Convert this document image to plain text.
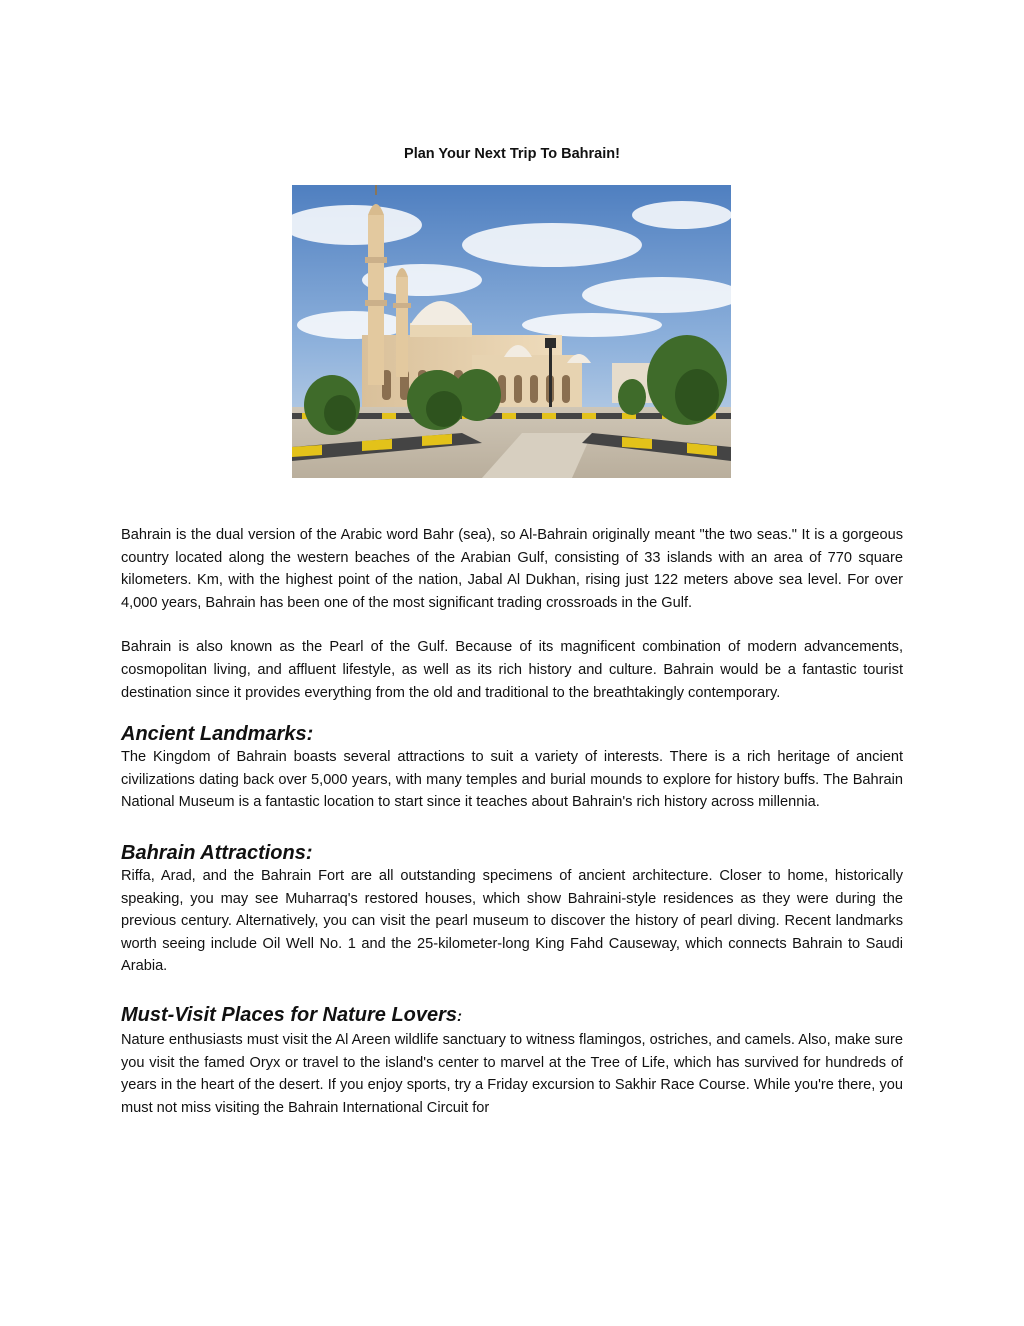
Plan Your Next Trip To Bahrain!

Bahrain is the dual version of the Arabic word Bahr (sea), so Al-Bahrain originally meant "the two seas." It is a gorgeous country located along the western beaches of the Arabian Gulf, consisting of 33 islands with an area of 770 square kilometers. Km, with the highest point of the nation, Jabal Al Dukhan, rising just 122 meters above sea level. For over 4,000 years, Bahrain has been one of the most significant trading crossroads in the Gulf.

Bahrain is also known as the Pearl of the Gulf. Because of its magnificent combination of modern advancements, cosmopolitan living, and affluent lifestyle, as well as its rich history and culture. Bahrain would be a fantastic tourist destination since it provides everything from the old and traditional to the breathtakingly contemporary.

Ancient Landmarks:

The Kingdom of Bahrain boasts several attractions to suit a variety of interests. There is a rich heritage of ancient civilizations dating back over 5,000 years, with many temples and burial mounds to explore for history buffs. The Bahrain National Museum is a fantastic location to start since it teaches about Bahrain's rich history across millennia.

Bahrain Attractions:

Riffa, Arad, and the Bahrain Fort are all outstanding specimens of ancient architecture. Closer to home, historically speaking, you may see Muharraq's restored houses, which show Bahraini-style residences as they were during the previous century. Alternatively, you can visit the pearl museum to discover the history of pearl diving. Recent landmarks worth seeing include Oil Well No. 1 and the 25-kilometer-long King Fahd Causeway, which connects Bahrain to Saudi Arabia.

Must-Visit Places for Nature Lovers:

Nature enthusiasts must visit the Al Areen wildlife sanctuary to witness flamingos, ostriches, and camels. Also, make sure you visit the famed Oryx or travel to the island's center to marvel at the Tree of Life, which has survived for hundreds of years in the heart of the desert. If you enjoy sports, try a Friday excursion to Sakhir Race Course. While you're there, you must not miss visiting the Bahrain International Circuit for
